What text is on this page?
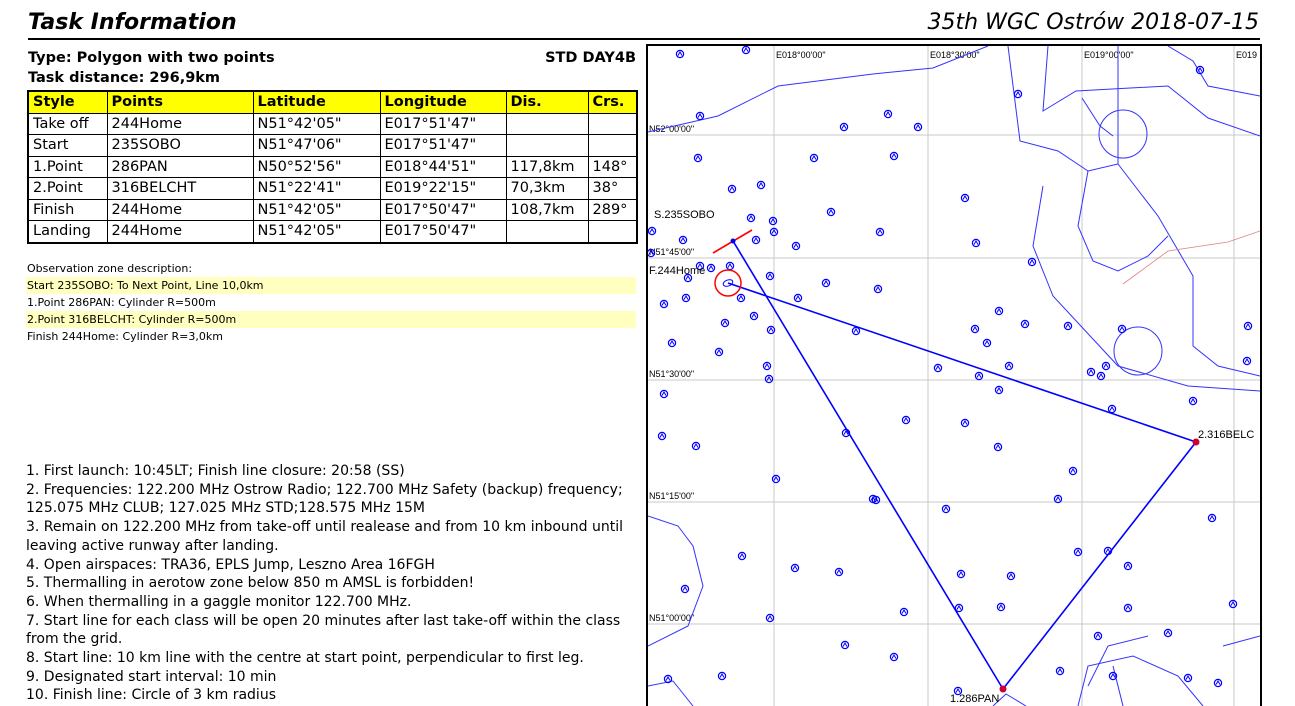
Task Information	35th WGC Ostrów 2018-07-15
Type: Polygon with two points	STD DAY4B
Task distance: 296,9km
Style	Points	Latitude	Longitude	Dis.	Crs.
Take off	244Home	N51°42'05"	E017°51'47"		
Start	235SOBO	N51°47'06"	E017°51'47"		
1.Point	286PAN	N50°52'56"	E018°44'51"	117,8km	148°
2.Point	316BELCHT	N51°22'41"	E019°22'15"	70,3km	38°
Finish	244Home	N51°42'05"	E017°50'47"	108,7km	289°
Landing	244Home	N51°42'05"	E017°50'47"		
Observation zone description:
Start 235SOBO: To Next Point, Line 10,0km
1.Point 286PAN: Cylinder R=500m
2.Point 316BELCHT: Cylinder R=500m
Finish 244Home: Cylinder R=3,0km
1. First launch: 10:45LT; Finish line closure: 20:58 (SS)
2. Frequencies: 122.200 MHz Ostrow Radio; 122.700 MHz Safety (backup) frequency; 125.075 MHz CLUB; 127.025 MHz STD;128.575 MHz 15M
3. Remain on 122.200 MHz from take-off until realease and from 10 km inbound until leaving active runway after landing.
4. Open airspaces: TRA36, EPLS Jump, Leszno Area 16FGH
5. Thermalling in aerotow zone below 850 m AMSL is forbidden!
6. When thermalling in a gaggle monitor 122.700 MHz.
7. Start line for each class will be open 20 minutes after last take-off within the class from the grid.
8. Start line: 10 km line with the centre at start point, perpendicular to first leg.
9. Designated start interval: 10 min
10. Finish line: Circle of 3 km radius
E018°00'00"	E018°30'00"	E019°00'00"	E019
N52°00'00"
N51°45'00"
N51°30'00"
N51°15'00"
N51°00'00"
S.235SOBO
F.244Home
2.316BELC
1.286PAN
